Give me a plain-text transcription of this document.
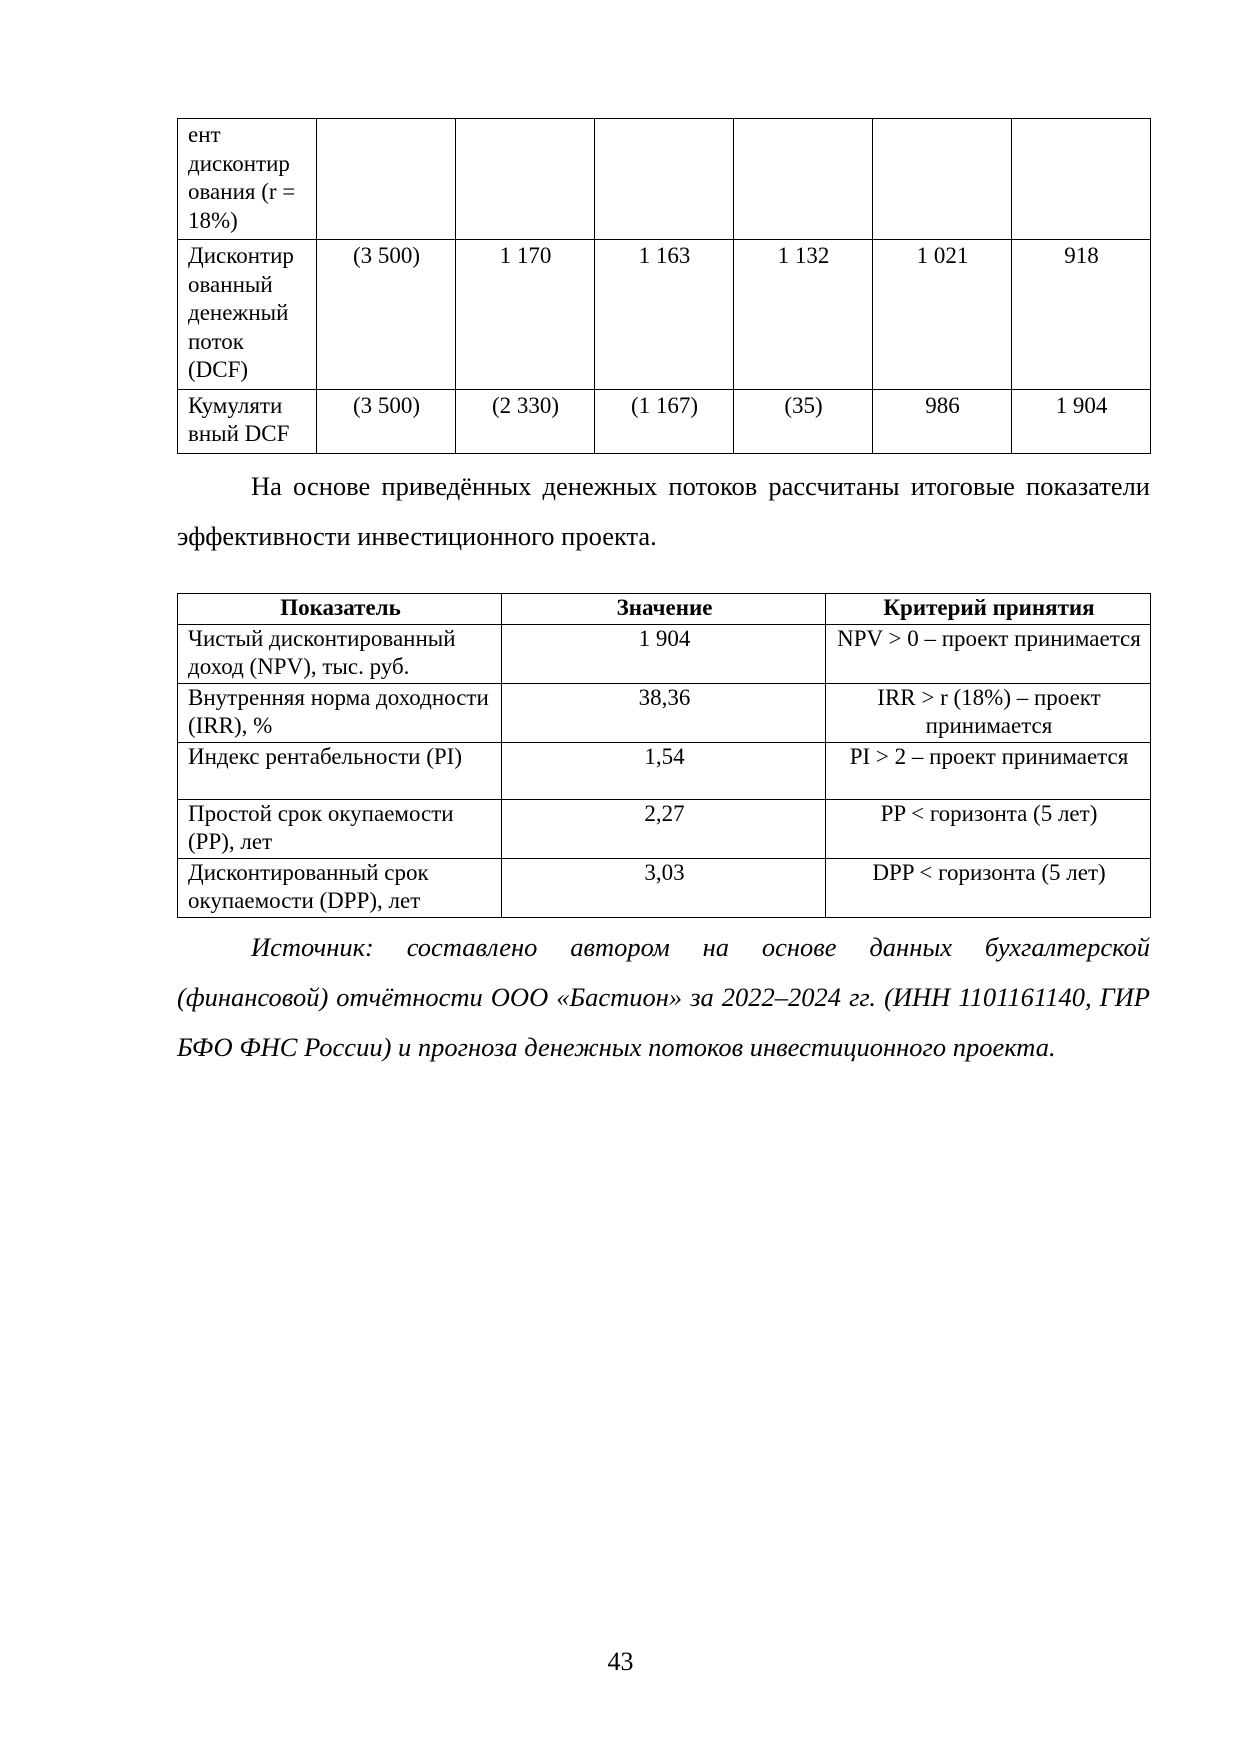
ент дисконтир ования (r = 18%)						
Дисконтир ованный денежный поток (DCF)	(3 500)	1 170	1 163	1 132	1 021	918
Кумуляти вный DCF	(3 500)	(2 330)	(1 167)	(35)	986	1 904

На основе приведённых денежных потоков рассчитаны итоговые показатели эффективности инвестиционного проекта.

Показатель	Значение	Критерий принятия
Чистый дисконтированный доход (NPV), тыс. руб.	1 904	NPV > 0 – проект принимается
Внутренняя норма доходности (IRR), %	38,36	IRR > r (18%) – проект принимается
Индекс рентабельности (PI)	1,54	PI > 2 – проект принимается
Простой срок окупаемости (PP), лет	2,27	PP < горизонта (5 лет)
Дисконтированный срок окупаемости (DPP), лет	3,03	DPP < горизонта (5 лет)

Источник: составлено автором на основе данных бухгалтерской (финансовой) отчётности ООО «Бастион» за 2022–2024 гг. (ИНН 1101161140, ГИР БФО ФНС России) и прогноза денежных потоков инвестиционного проекта.

43
